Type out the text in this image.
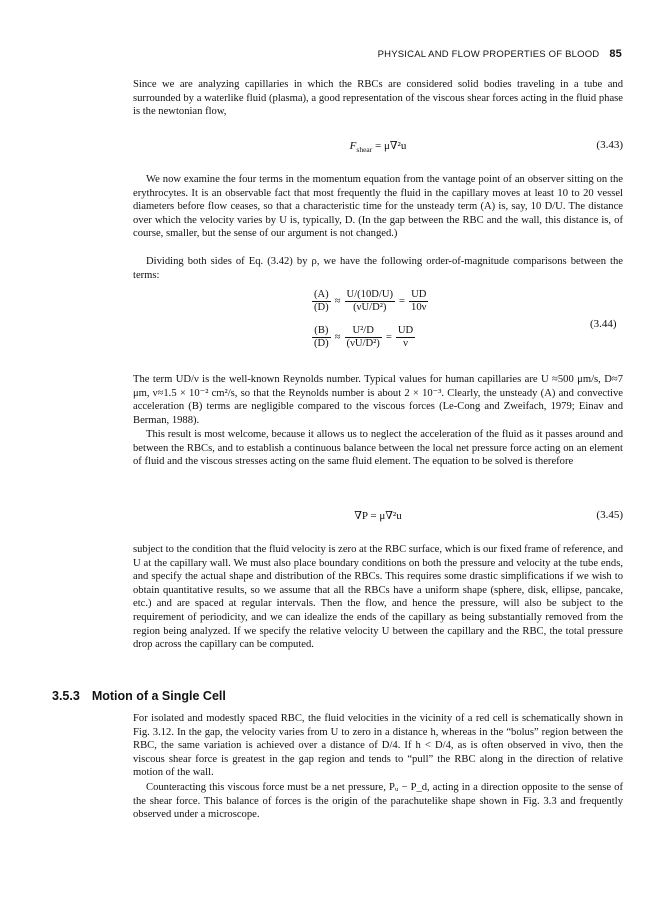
PHYSICAL AND FLOW PROPERTIES OF BLOOD 85

Since we are analyzing capillaries in which the RBCs are considered solid bodies traveling in a tube and surrounded by a waterlike fluid (plasma), a good representation of the viscous shear forces acting in the fluid phase is the newtonian flow,

$F_{shear} = \mu\nabla^2u$	(3.43)

We now examine the four terms in the momentum equation from the vantage point of an observer sitting on the erythrocytes. It is an observable fact that most frequently the fluid in the capillary moves at least 10 to 20 vessel diameters before flow ceases, so that a characteristic time for the unsteady term (A) is, say, 10 D/U. The distance over which the velocity varies by U is, typically, D. (In the gap between the RBC and the wall, this distance is, of course, smaller, but the sense of our argument is not changed.)

Dividing both sides of Eq. (3.42) by ρ, we have the following order-of-magnitude comparisons between the terms:

$\frac{(A)}{(D)} \approx \frac{U/(10D/U)}{\text{(νU/D²)}} = \frac{UD}{10\nu}$
$\frac{(B)}{(D)} \approx \frac{\text{U²/D}}{\text{(νU/D²)}} = \frac{UD}{\nu}$
(3.44)

The term UD/ν is the well-known Reynolds number. Typical values for human capillaries are U ≈500 μm/s, D≈7 μm, ν≈1.5 × 10⁻² cm²/s, so that the Reynolds number is about 2 × 10⁻³. Clearly, the unsteady (A) and convective acceleration (B) terms are negligible compared to the viscous forces (Le-Cong and Zweifach, 1979; Einav and Berman, 1988).

This result is most welcome, because it allows us to neglect the acceleration of the fluid as it passes around and between the RBCs, and to establish a continuous balance between the local net pressure force acting on an element of fluid and the viscous stresses acting on the same fluid element. The equation to be solved is therefore

∇P = μ∇²u	(3.45)

subject to the condition that the fluid velocity is zero at the RBC surface, which is our fixed frame of reference, and U at the capillary wall. We must also place boundary conditions on both the pressure and velocity at the tube ends, and specify the actual shape and distribution of the RBCs. This requires some drastic simplifications if we wish to obtain quantitative results, so we assume that all the RBCs have a uniform shape (sphere, disk, ellipse, pancake, etc.) and are spaced at regular intervals. Then the flow, and hence the pressure, will also be subject to the requirement of periodicity, and we can idealize the ends of the capillary as being substantially removed from the region being analyzed. If we specify the relative velocity U between the capillary and the RBC, the total pressure drop across the capillary can be computed.

3.5.3 Motion of a Single Cell

For isolated and modestly spaced RBC, the fluid velocities in the vicinity of a red cell is schematically shown in Fig. 3.12. In the gap, the velocity varies from U to zero in a distance h, whereas in the “bolus” region between the RBC, the same variation is achieved over a distance of D/4. If h < D/4, as is often observed in vivo, then the viscous shear force is greatest in the gap region and tends to “pull” the RBC along in the direction of relative motion of the wall.

Counteracting this viscous force must be a net pressure, Pᵤ − P_d, acting in a direction opposite to the sense of the shear force. This balance of forces is the origin of the parachutelike shape shown in Fig. 3.3 and frequently observed under a microscope.
